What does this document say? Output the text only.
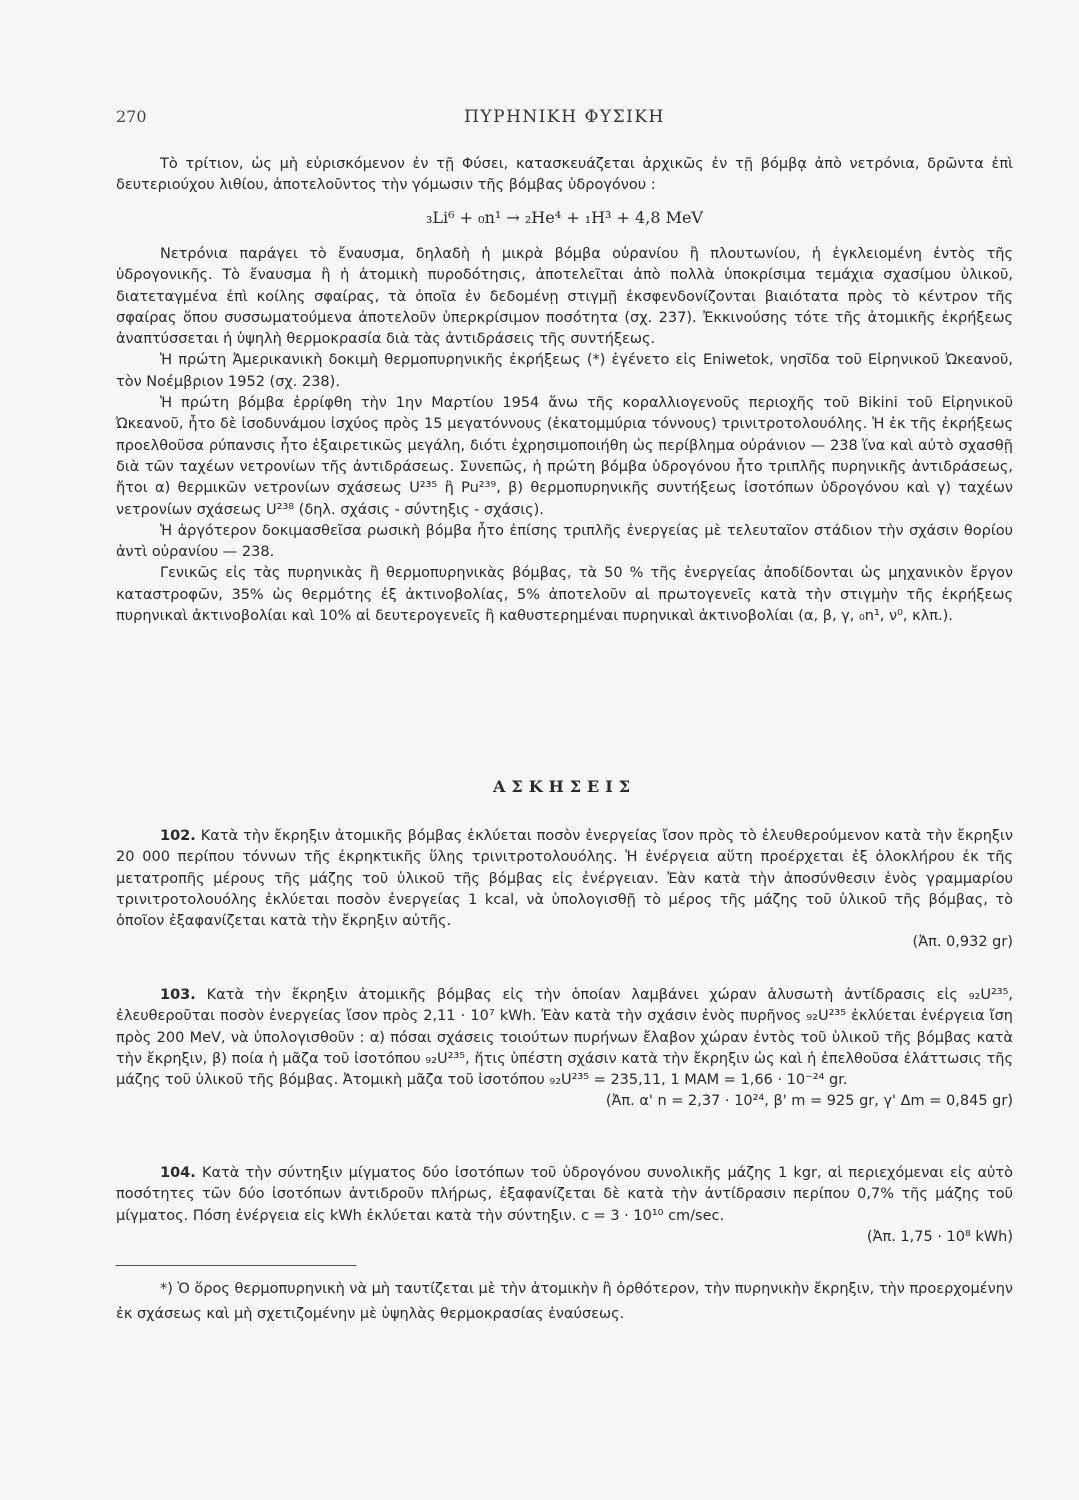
270	ΠΥΡΗΝΙΚΗ ΦΥΣΙΚΗ

Τὸ τρίτιον, ὡς μὴ εὑρισκόμενον ἐν τῇ Φύσει, κατασκευάζεται ἀρχικῶς ἐν τῇ βόμβᾳ ἀπὸ νετρόνια, δρῶντα ἐπὶ δευτεριούχου λιθίου, ἀποτελοῦντος τὴν γόμωσιν τῆς βόμβας ὑδρογόνου :

₃Li⁶ + ₀n¹ → ₂He⁴ + ₁H³ + 4,8 MeV

Νετρόνια παράγει τὸ ἔναυσμα, δηλαδὴ ἡ μικρὰ βόμβα οὐρανίου ἢ πλουτωνίου, ἡ ἐγκλειομένη ἐντὸς τῆς ὑδρογονικῆς. Τὸ ἔναυσμα ἢ ἡ ἀτομικὴ πυροδότησις, ἀποτελεῖται ἀπὸ πολλὰ ὑποκρίσιμα τεμάχια σχασίμου ὑλικοῦ, διατεταγμένα ἐπὶ κοίλης σφαίρας, τὰ ὁποῖα ἐν δεδομένῃ στιγμῇ ἐκσφενδονίζονται βιαιότατα πρὸς τὸ κέντρον τῆς σφαίρας ὅπου συσσωματούμενα ἀποτελοῦν ὑπερκρίσιμον ποσότητα (σχ. 237). Ἐκκινούσης τότε τῆς ἀτομικῆς ἐκρήξεως ἀναπτύσσεται ἡ ὑψηλὴ θερμοκρασία διὰ τὰς ἀντιδράσεις τῆς συντήξεως.

Ἡ πρώτη Ἀμερικανικὴ δοκιμὴ θερμοπυρηνικῆς ἐκρήξεως (*) ἐγένετο εἰς Eniwetok, νησῖδα τοῦ Εἰρηνικοῦ Ὠκεανοῦ, τὸν Νοέμβριον 1952 (σχ. 238).

Ἡ πρώτη βόμβα ἐρρίφθη τὴν 1ην Μαρτίου 1954 ἄνω τῆς κοραλλιογενοῦς περιοχῆς τοῦ Bikini τοῦ Εἰρηνικοῦ Ὠκεανοῦ, ἦτο δὲ ἰσοδυνάμου ἰσχύος πρὸς 15 μεγατόννους (ἑκατομμύρια τόννους) τρινιτροτολουόλης. Ἡ ἐκ τῆς ἐκρήξεως προελθοῦσα ρύπανσις ἦτο ἐξαιρετικῶς μεγάλη, διότι ἐχρησιμοποιήθη ὡς περίβλημα οὐράνιον — 238 ἵνα καὶ αὐτὸ σχασθῇ διὰ τῶν ταχέων νετρονίων τῆς ἀντιδράσεως. Συνεπῶς, ἡ πρώτη βόμβα ὑδρογόνου ἦτο τριπλῆς πυρηνικῆς ἀντιδράσεως, ἤτοι α) θερμικῶν νετρονίων σχάσεως U²³⁵ ἢ Pu²³⁹, β) θερμοπυρηνικῆς συντήξεως ἰσοτόπων ὑδρογόνου καὶ γ) ταχέων νετρονίων σχάσεως U²³⁸ (δηλ. σχάσις - σύντηξις - σχάσις).

Ἡ ἀργότερον δοκιμασθεῖσα ρωσικὴ βόμβα ἦτο ἐπίσης τριπλῆς ἐνεργείας μὲ τελευταῖον στάδιον τὴν σχάσιν θορίου ἀντὶ οὐρανίου — 238.

Γενικῶς εἰς τὰς πυρηνικὰς ἢ θερμοπυρηνικὰς βόμβας, τὰ 50 % τῆς ἐνεργείας ἀποδίδονται ὡς μηχανικὸν ἔργον καταστροφῶν, 35% ὡς θερμότης ἐξ ἀκτινοβολίας, 5% ἀποτελοῦν αἱ πρωτογενεῖς κατὰ τὴν στιγμὴν τῆς ἐκρήξεως πυρηνικαὶ ἀκτινοβολίαι καὶ 10% αἱ δευτερογενεῖς ἢ καθυστερημέναι πυρηνικαὶ ἀκτινοβολίαι (α, β, γ, ₀n¹, ν⁰, κλπ.).

ΑΣΚΗΣΕΙΣ

102. Κατὰ τὴν ἔκρηξιν ἀτομικῆς βόμβας ἐκλύεται ποσὸν ἐνεργείας ἴσον πρὸς τὸ ἐλευθερούμενον κατὰ τὴν ἔκρηξιν 20 000 περίπου τόννων τῆς ἐκρηκτικῆς ὕλης τρινιτροτολουόλης. Ἡ ἐνέργεια αὕτη προέρχεται ἐξ ὁλοκλήρου ἐκ τῆς μετατροπῆς μέρους τῆς μάζης τοῦ ὑλικοῦ τῆς βόμβας εἰς ἐνέργειαν. Ἐὰν κατὰ τὴν ἀποσύνθεσιν ἑνὸς γραμμαρίου τρινιτροτολουόλης ἐκλύεται ποσὸν ἐνεργείας 1 kcal, νὰ ὑπολογισθῇ τὸ μέρος τῆς μάζης τοῦ ὑλικοῦ τῆς βόμβας, τὸ ὁποῖον ἐξαφανίζεται κατὰ τὴν ἔκρηξιν αὐτῆς.

(Ἀπ. 0,932 gr)

103. Κατὰ τὴν ἔκρηξιν ἀτομικῆς βόμβας εἰς τὴν ὁποίαν λαμβάνει χώραν ἁλυσωτὴ ἀντίδρασις εἰς ₉₂U²³⁵, ἐλευθεροῦται ποσὸν ἐνεργείας ἴσον πρὸς 2,11 · 10⁷ kWh. Ἐὰν κατὰ τὴν σχάσιν ἑνὸς πυρῆνος ₉₂U²³⁵ ἐκλύεται ἐνέργεια ἴση πρὸς 200 MeV, νὰ ὑπολογισθοῦν : α) πόσαι σχάσεις τοιούτων πυρήνων ἔλαβον χώραν ἐντὸς τοῦ ὑλικοῦ τῆς βόμβας κατὰ τὴν ἔκρηξιν, β) ποία ἡ μᾶζα τοῦ ἰσοτόπου ₉₂U²³⁵, ἥτις ὑπέστη σχάσιν κατὰ τὴν ἔκρηξιν ὡς καὶ ἡ ἐπελθοῦσα ἐλάττωσις τῆς μάζης τοῦ ὑλικοῦ τῆς βόμβας. Ἀτομικὴ μᾶζα τοῦ ἰσοτόπου ₉₂U²³⁵ = 235,11, 1 MAM = 1,66 · 10⁻²⁴ gr.

(Ἀπ. α' n = 2,37 · 10²⁴, β' m = 925 gr, γ' Δm = 0,845 gr)

104. Κατὰ τὴν σύντηξιν μίγματος δύο ἰσοτόπων τοῦ ὑδρογόνου συνολικῆς μάζης 1 kgr, αἱ περιεχόμεναι εἰς αὐτὸ ποσότητες τῶν δύο ἰσοτόπων ἀντιδροῦν πλήρως, ἐξαφανίζεται δὲ κατὰ τὴν ἀντίδρασιν περίπου 0,7% τῆς μάζης τοῦ μίγματος. Πόση ἐνέργεια εἰς kWh ἐκλύεται κατὰ τὴν σύντηξιν. c = 3 · 10¹⁰ cm/sec.

(Ἀπ. 1,75 · 10⁸ kWh)

*) Ὁ ὅρος θερμοπυρηνικὴ νὰ μὴ ταυτίζεται μὲ τὴν ἀτομικὴν ἢ ὀρθότερον, τὴν πυρηνικὴν ἔκρηξιν, τὴν προερχομένην ἐκ σχάσεως καὶ μὴ σχετιζομένην μὲ ὑψηλὰς θερμοκρασίας ἐναύσεως.
